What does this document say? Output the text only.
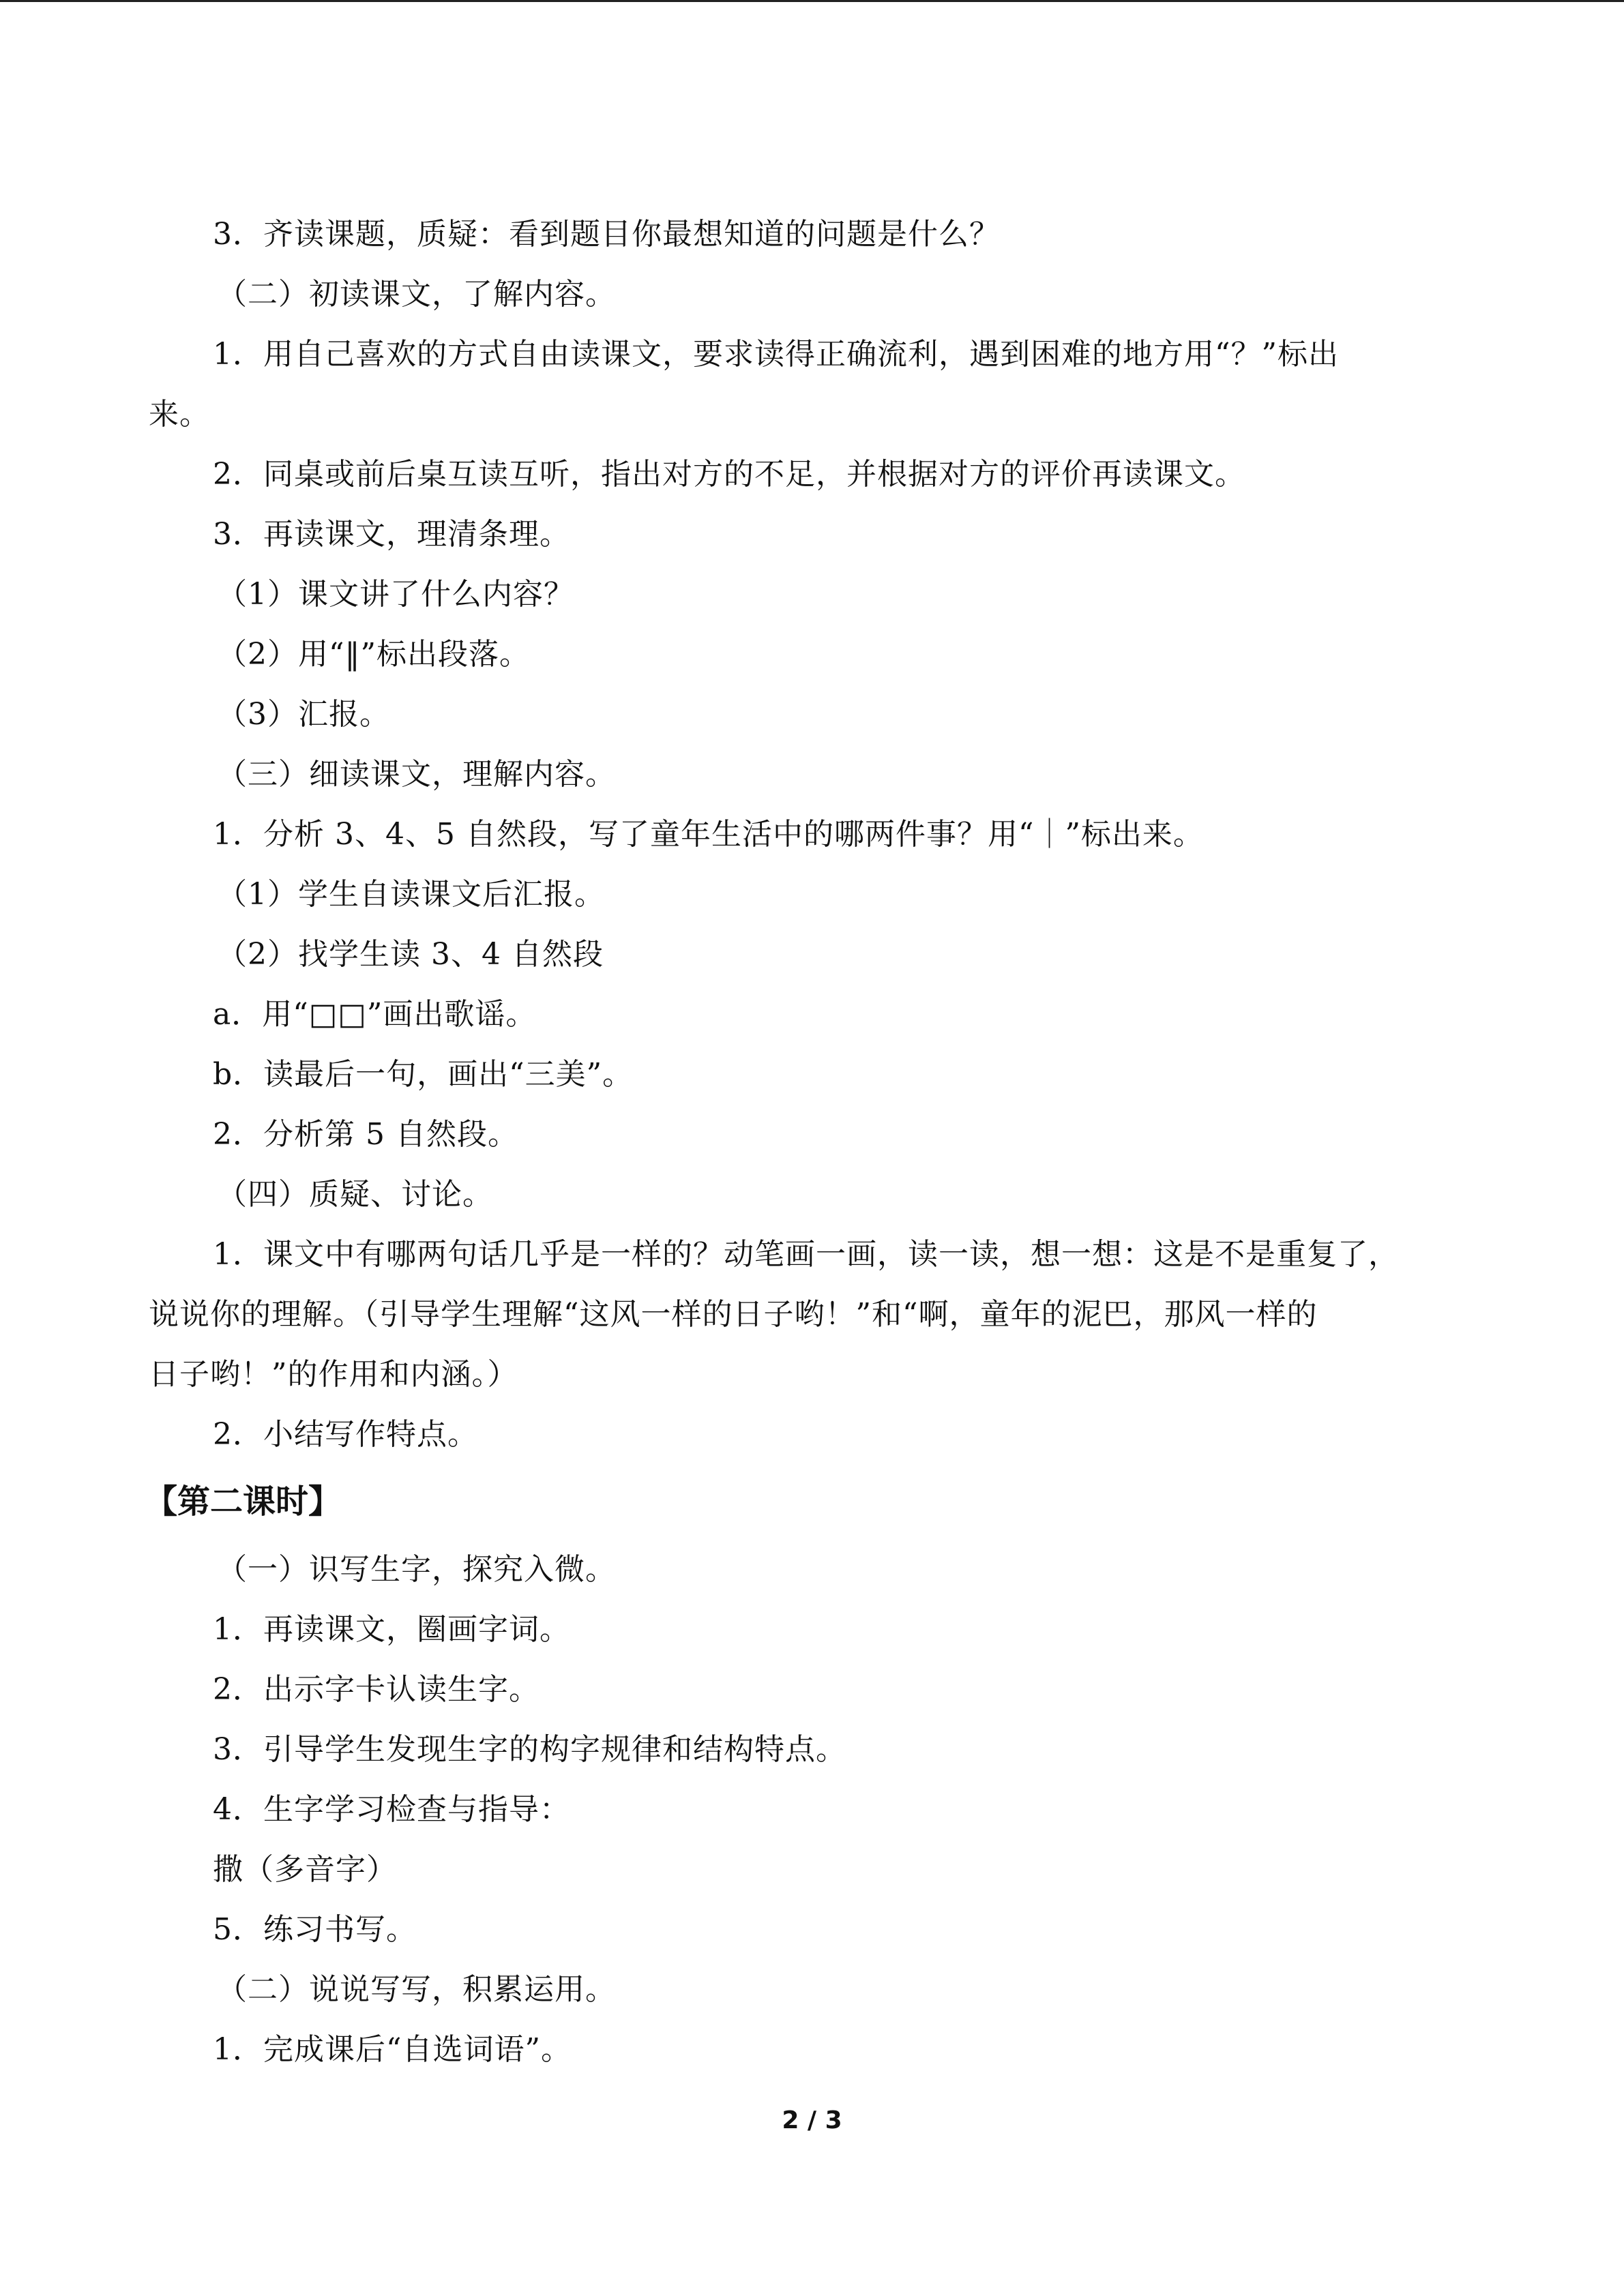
3．齐读课题，质疑：看到题目你最想知道的问题是什么？
（二）初读课文，了解内容。
1．用自己喜欢的方式自由读课文，要求读得正确流利，遇到困难的地方用“？”标出
来。
2．同桌或前后桌互读互听，指出对方的不足，并根据对方的评价再读课文。
3．再读课文，理清条理。
（1）课文讲了什么内容？
（2）用“‖”标出段落。
（3）汇报。
（三）细读课文，理解内容。
1．分析 3、4、5 自然段，写了童年生活中的哪两件事？用“｜”标出来。
（1）学生自读课文后汇报。
（2）找学生读 3、4 自然段
a．用“□□”画出歌谣。
b．读最后一句，画出“三美”。
2．分析第 5 自然段。
（四）质疑、讨论。
1．课文中有哪两句话几乎是一样的？动笔画一画，读一读，想一想：这是不是重复了，
说说你的理解。（引导学生理解“这风一样的日子哟！”和“啊，童年的泥巴，那风一样的
日子哟！”的作用和内涵。）
2．小结写作特点。
【第二课时】
（一）识写生字，探究入微。
1．再读课文，圈画字词。
2．出示字卡认读生字。
3．引导学生发现生字的构字规律和结构特点。
4．生字学习检查与指导：
撒（多音字）
5．练习书写。
（二）说说写写，积累运用。
1．完成课后“自选词语”。
2 / 3
